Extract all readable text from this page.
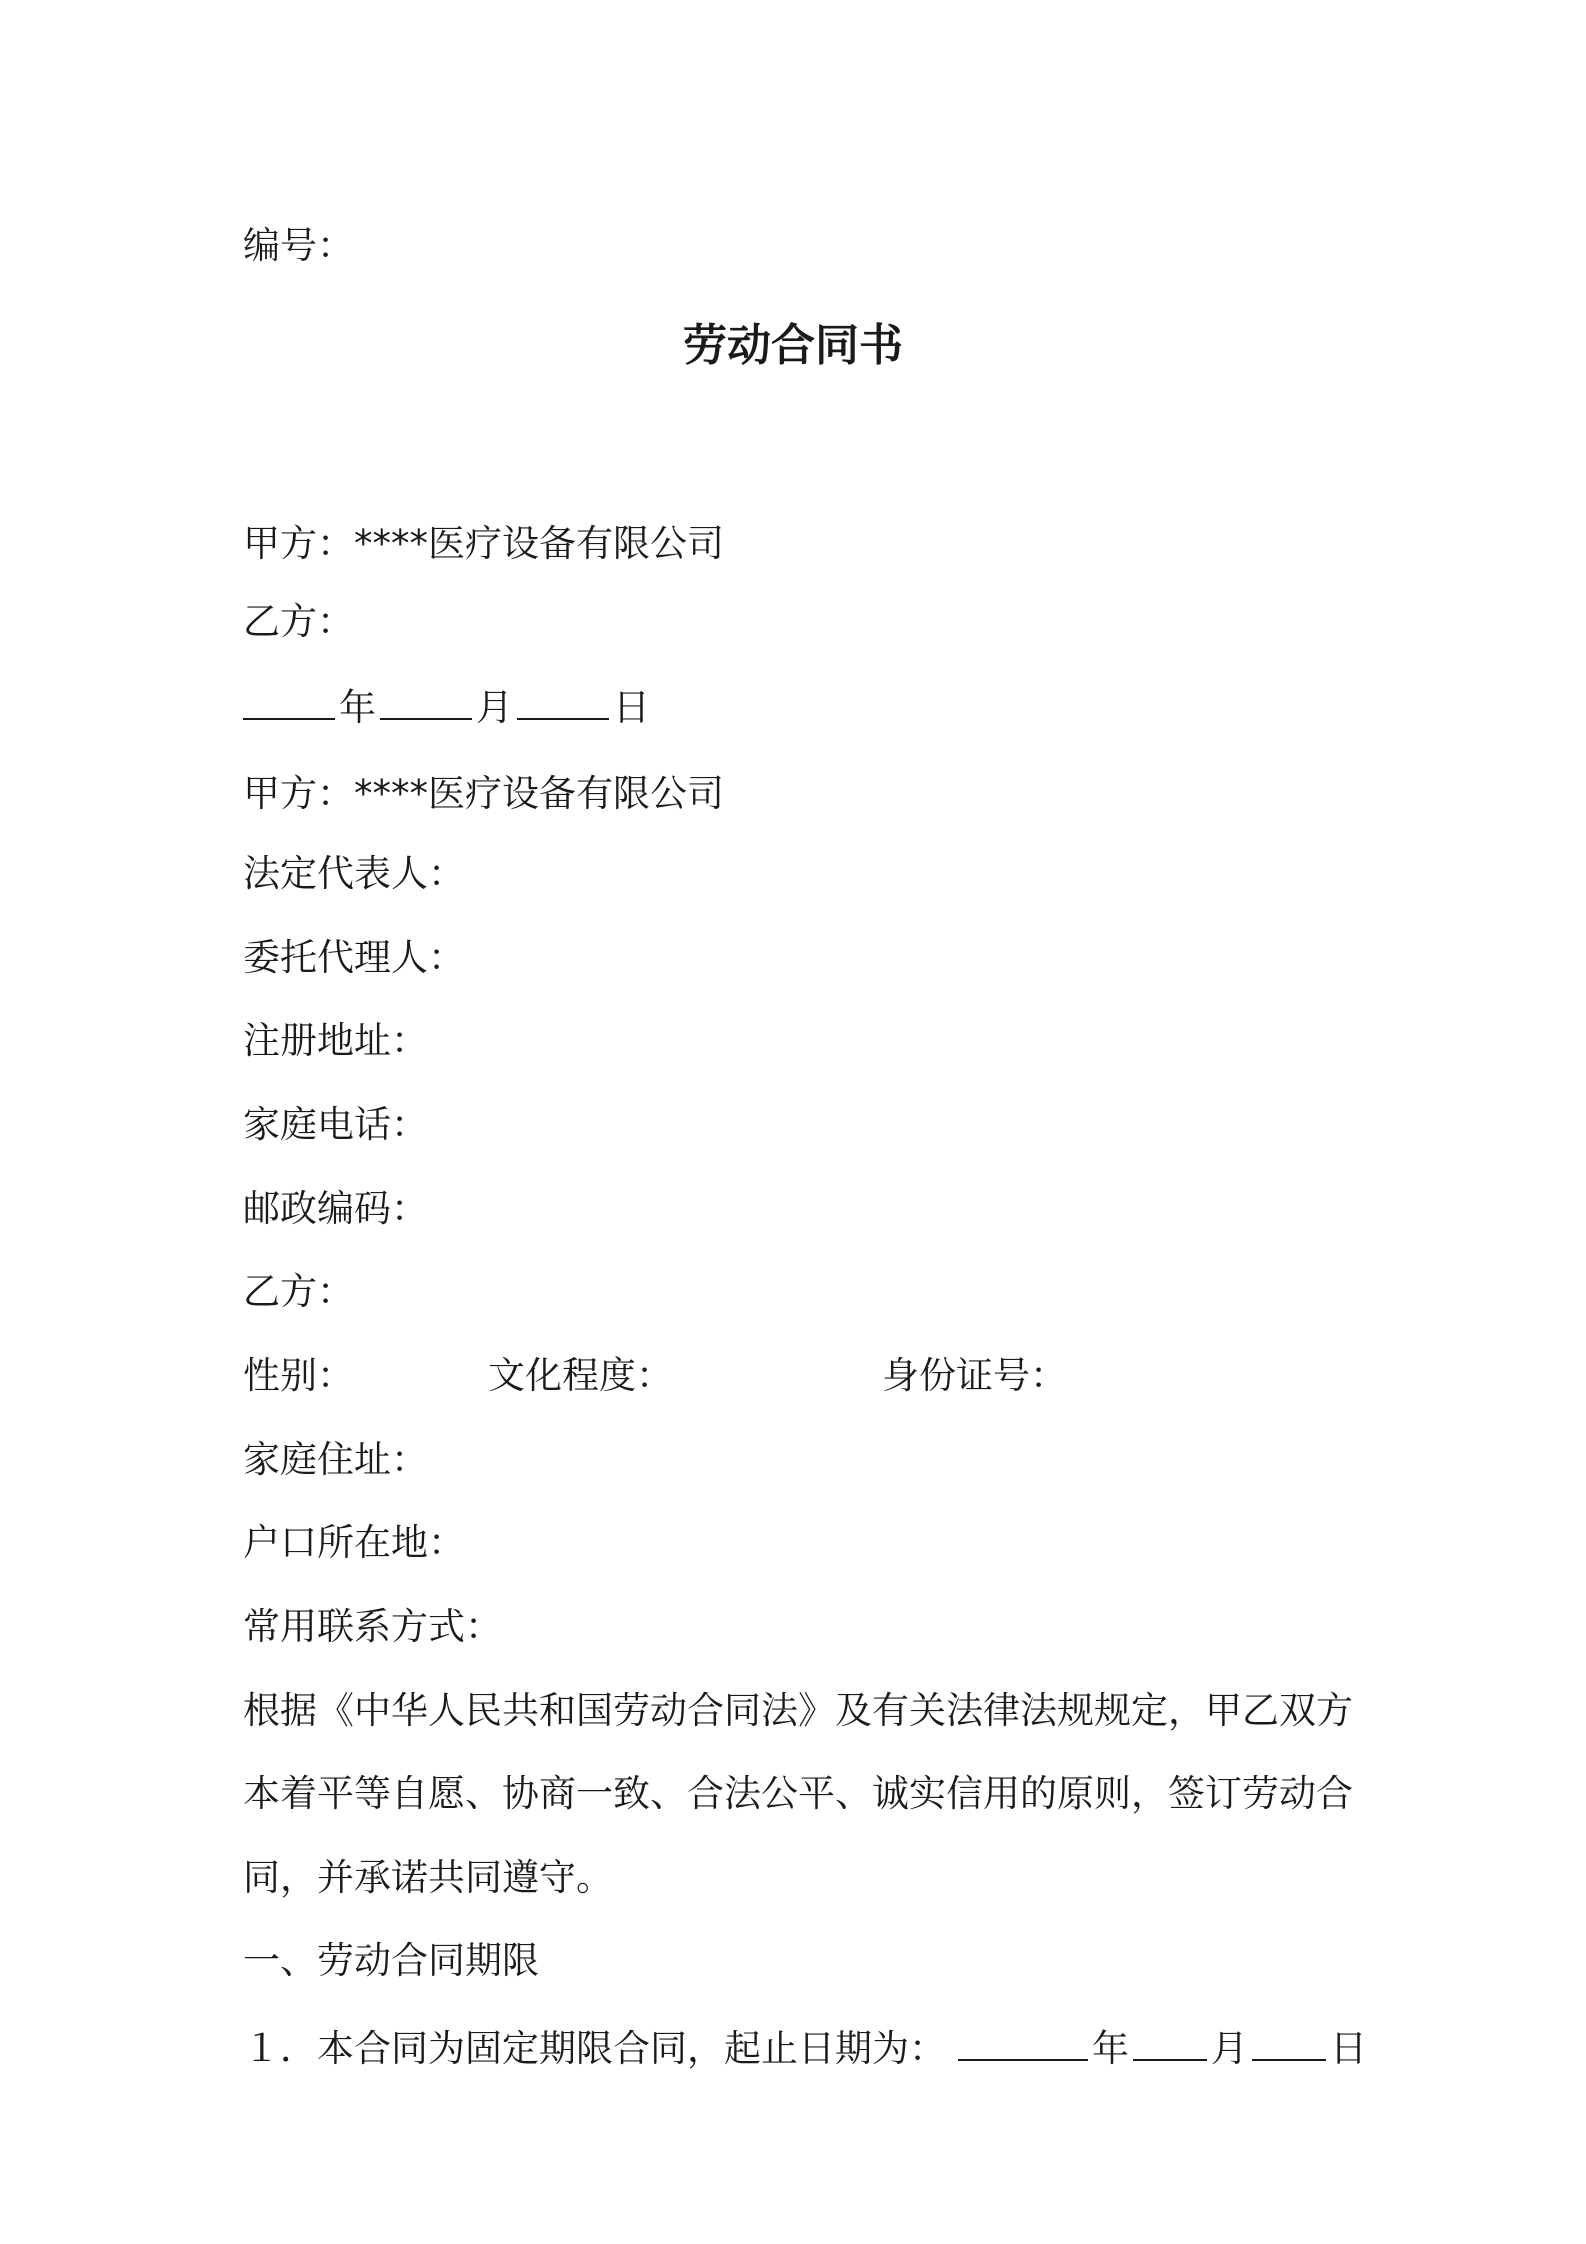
编号：
劳动合同书
甲方：****医疗设备有限公司
乙方：
年	月	日
甲方：****医疗设备有限公司
法定代表人：
委托代理人：
注册地址：
家庭电话：
邮政编码：
乙方：
性别：	文化程度：	身份证号：
家庭住址：
户口所在地：
常用联系方式：
根据《中华人民共和国劳动合同法》及有关法律法规规定，甲乙双方
本着平等自愿、协商一致、合法公平、诚实信用的原则，签订劳动合
同，并承诺共同遵守。
一、劳动合同期限
１．本合同为固定期限合同，起止日期为：	年 月 日
